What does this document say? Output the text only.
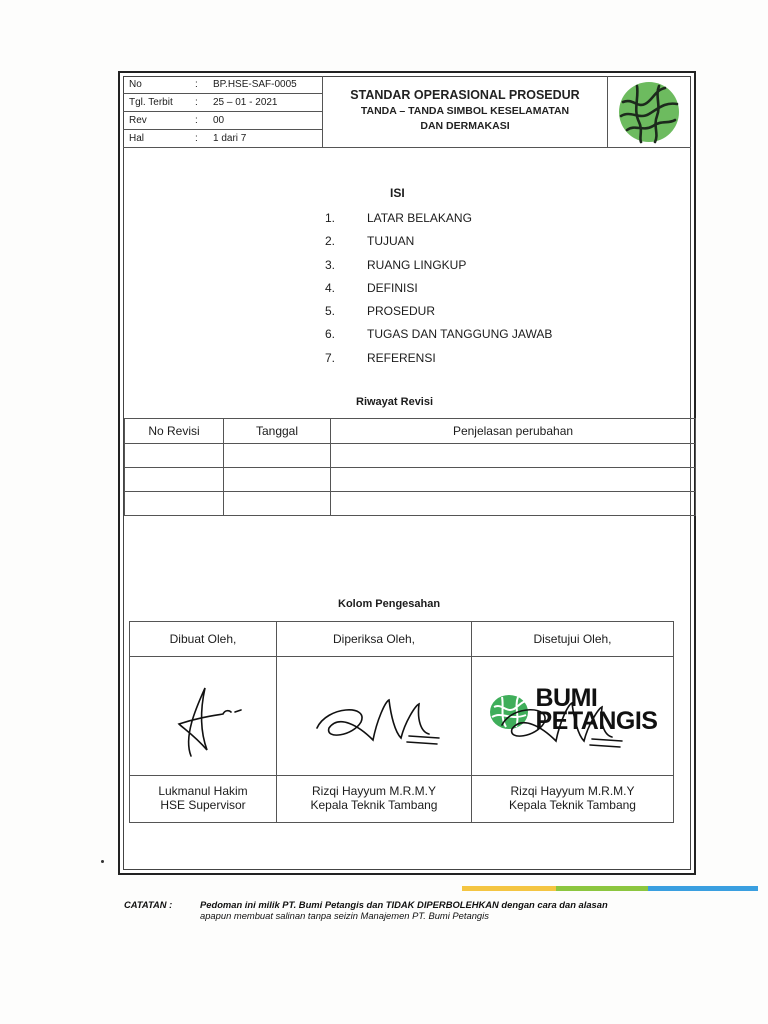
No	:	BP.HSE-SAF-0005
Tgl. Terbit	:	25 – 01 - 2021
Rev	:	00
Hal	:	1 dari 7
STANDAR OPERASIONAL PROSEDUR
TANDA – TANDA SIMBOL KESELAMATAN
DAN DERMAKASI
ISI
1.	LATAR BELAKANG
2.	TUJUAN
3.	RUANG LINGKUP
4.	DEFINISI
5.	PROSEDUR
6.	TUGAS DAN TANGGUNG JAWAB
7.	REFERENSI
Riwayat Revisi
No Revisi	Tanggal	Penjelasan perubahan

Kolom Pengesahan
Dibuat Oleh,	Diperiksa Oleh,	Disetujui Oleh,

BUMI
PETANGIS

Lukmanul Hakim	Rizqi Hayyum M.R.M.Y	Rizqi Hayyum M.R.M.Y
HSE Supervisor	Kepala Teknik Tambang	Kepala Teknik Tambang
CATATAN :	Pedoman ini milik PT. Bumi Petangis dan TIDAK DIPERBOLEHKAN dengan cara dan alasan
apapun membuat salinan tanpa seizin Manajemen PT. Bumi Petangis
